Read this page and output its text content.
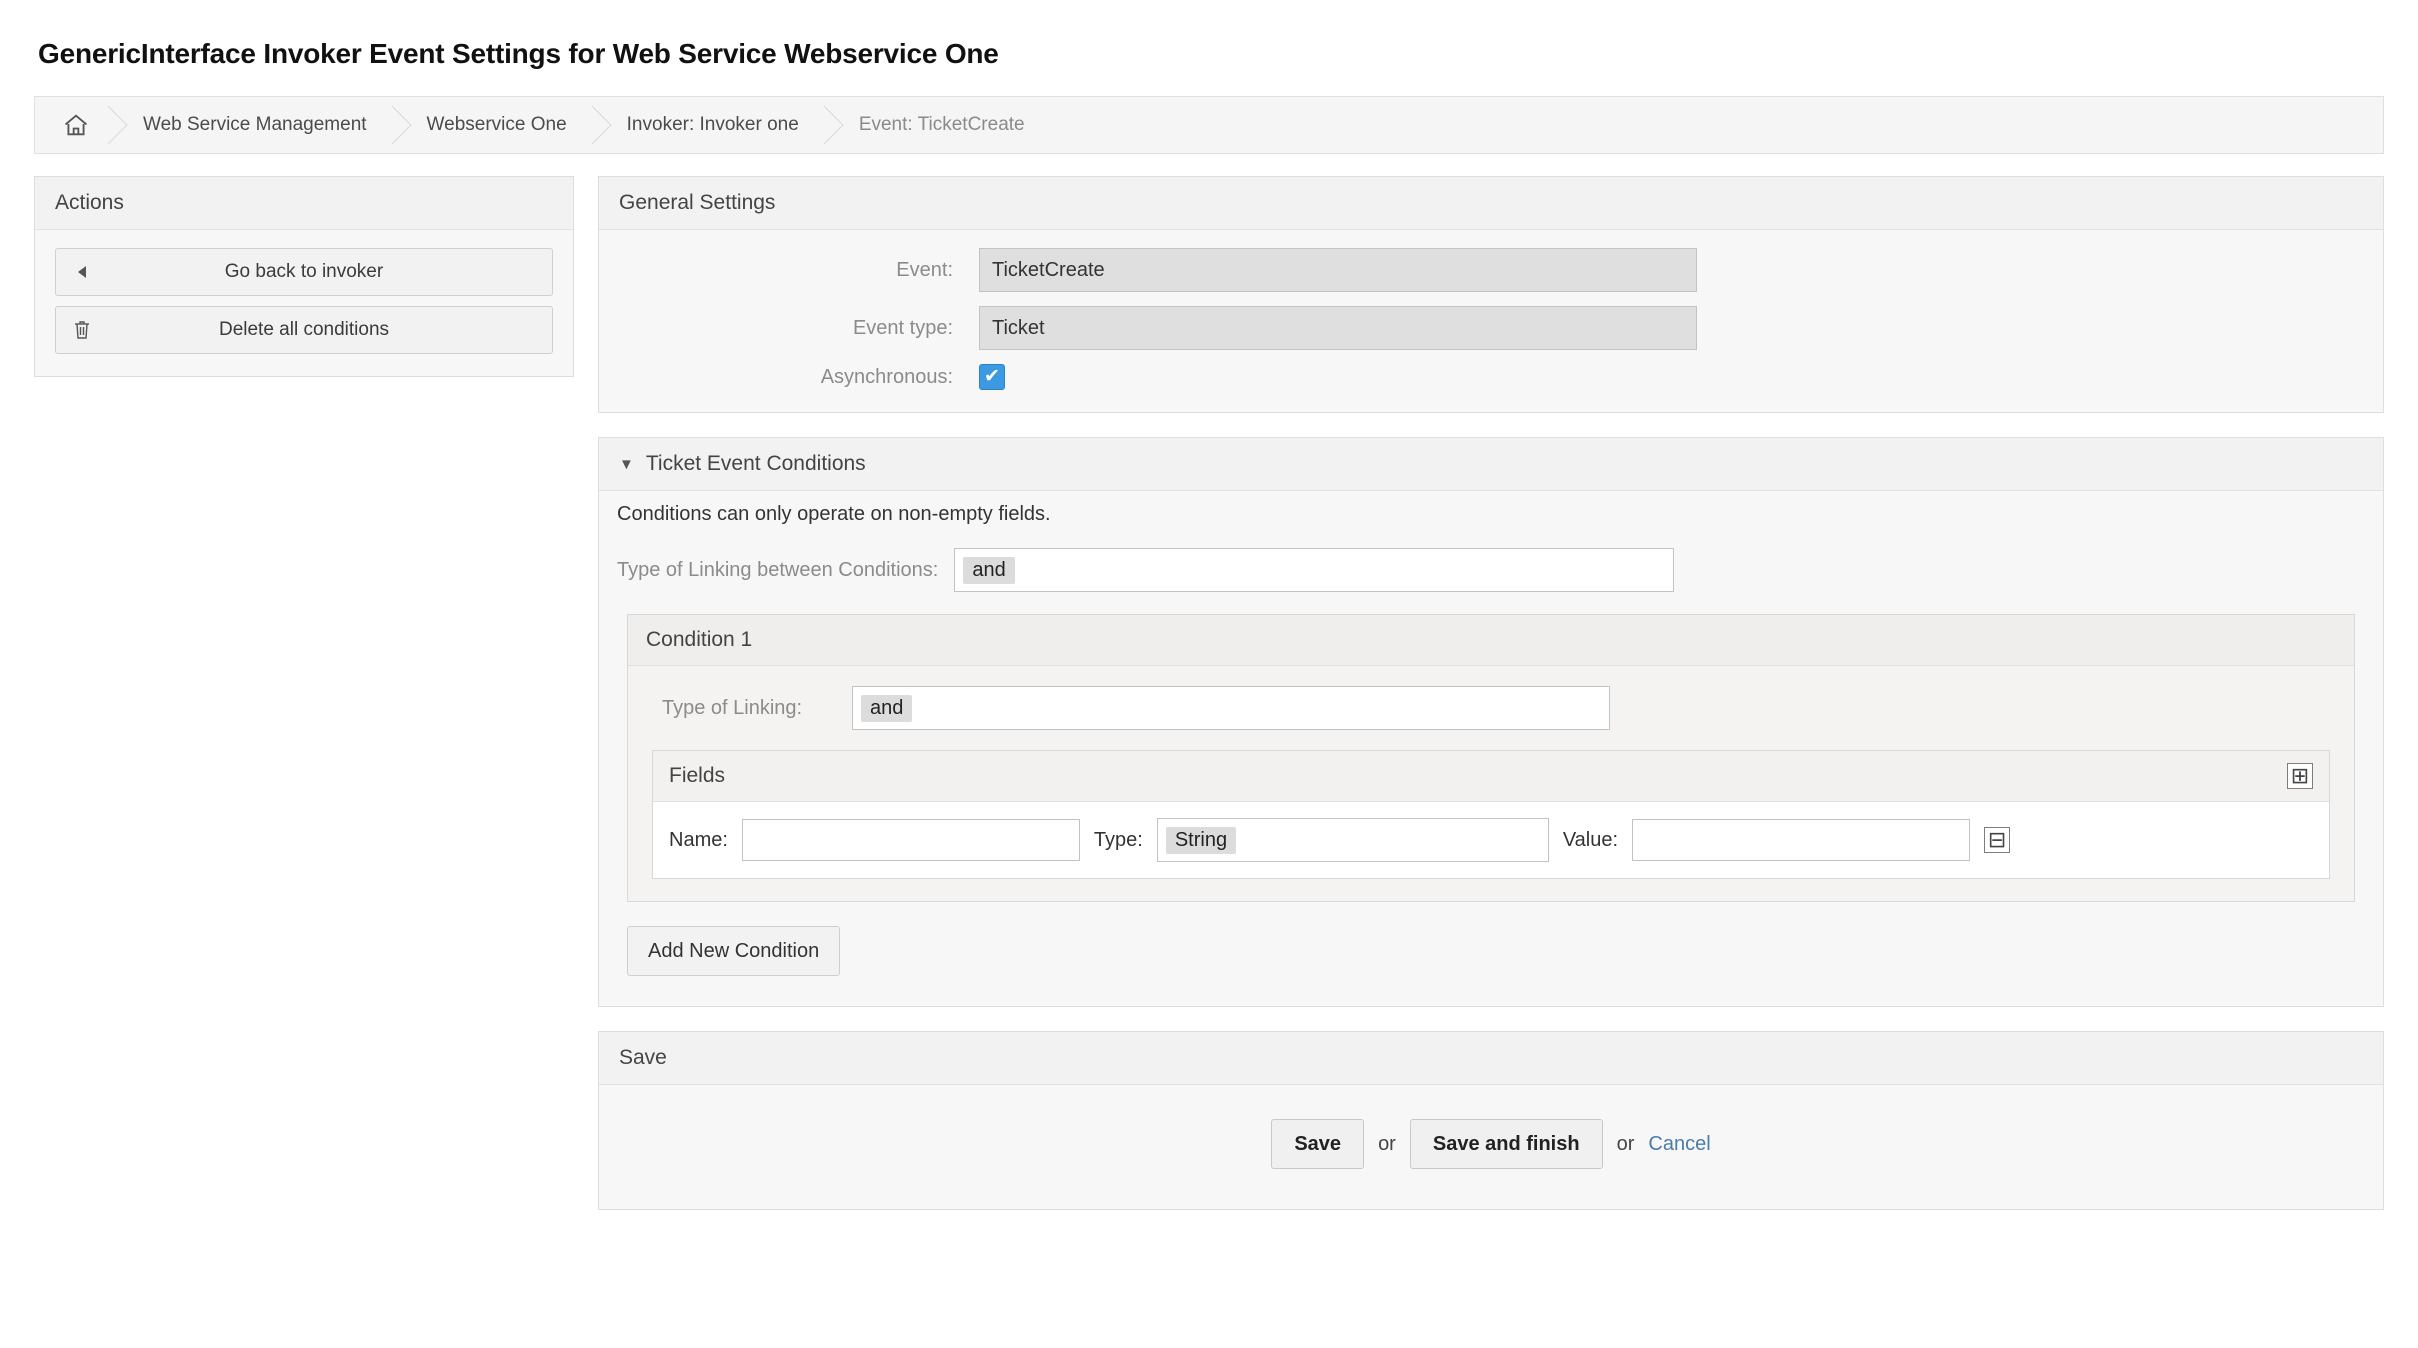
GenericInterface Invoker Event Settings for Web Service Webservice One
Web Service Management	Webservice One	Invoker: Invoker one	Event: TicketCreate
Actions
Go back to invoker
Delete all conditions
General Settings
Event:	TicketCreate
Event type:	Ticket
Asynchronous:	✔
▼ Ticket Event Conditions
Conditions can only operate on non-empty fields.
Type of Linking between Conditions:	and
Condition 1
Type of Linking:	and
Fields	⊞
Name:	Type:	String	Value:	⊟
Add New Condition
Save
Save or Save and finish or Cancel
